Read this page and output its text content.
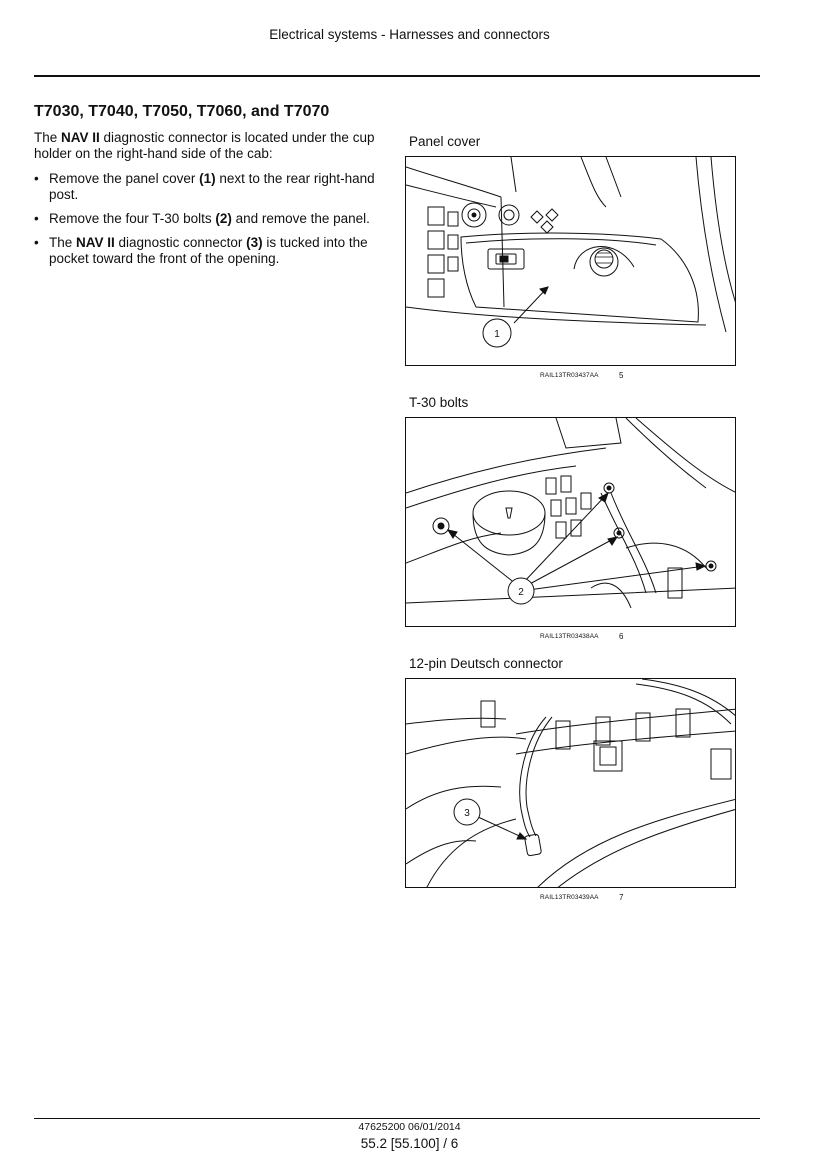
Electrical systems - Harnesses and connectors
T7030, T7040, T7050, T7060, and T7070
The NAV II diagnostic connector is located under the cup holder on the right-hand side of the cab:
• Remove the panel cover (1) next to the rear right-hand post.
• Remove the four T-30 bolts (2) and remove the panel.
• The NAV II diagnostic connector (3) is tucked into the pocket toward the front of the opening.
Panel cover
1
RAIL13TR03437AA	5
T-30 bolts
2
RAIL13TR03438AA	6
12-pin Deutsch connector
3
RAIL13TR03439AA	7
47625200 06/01/2014
55.2 [55.100] / 6
